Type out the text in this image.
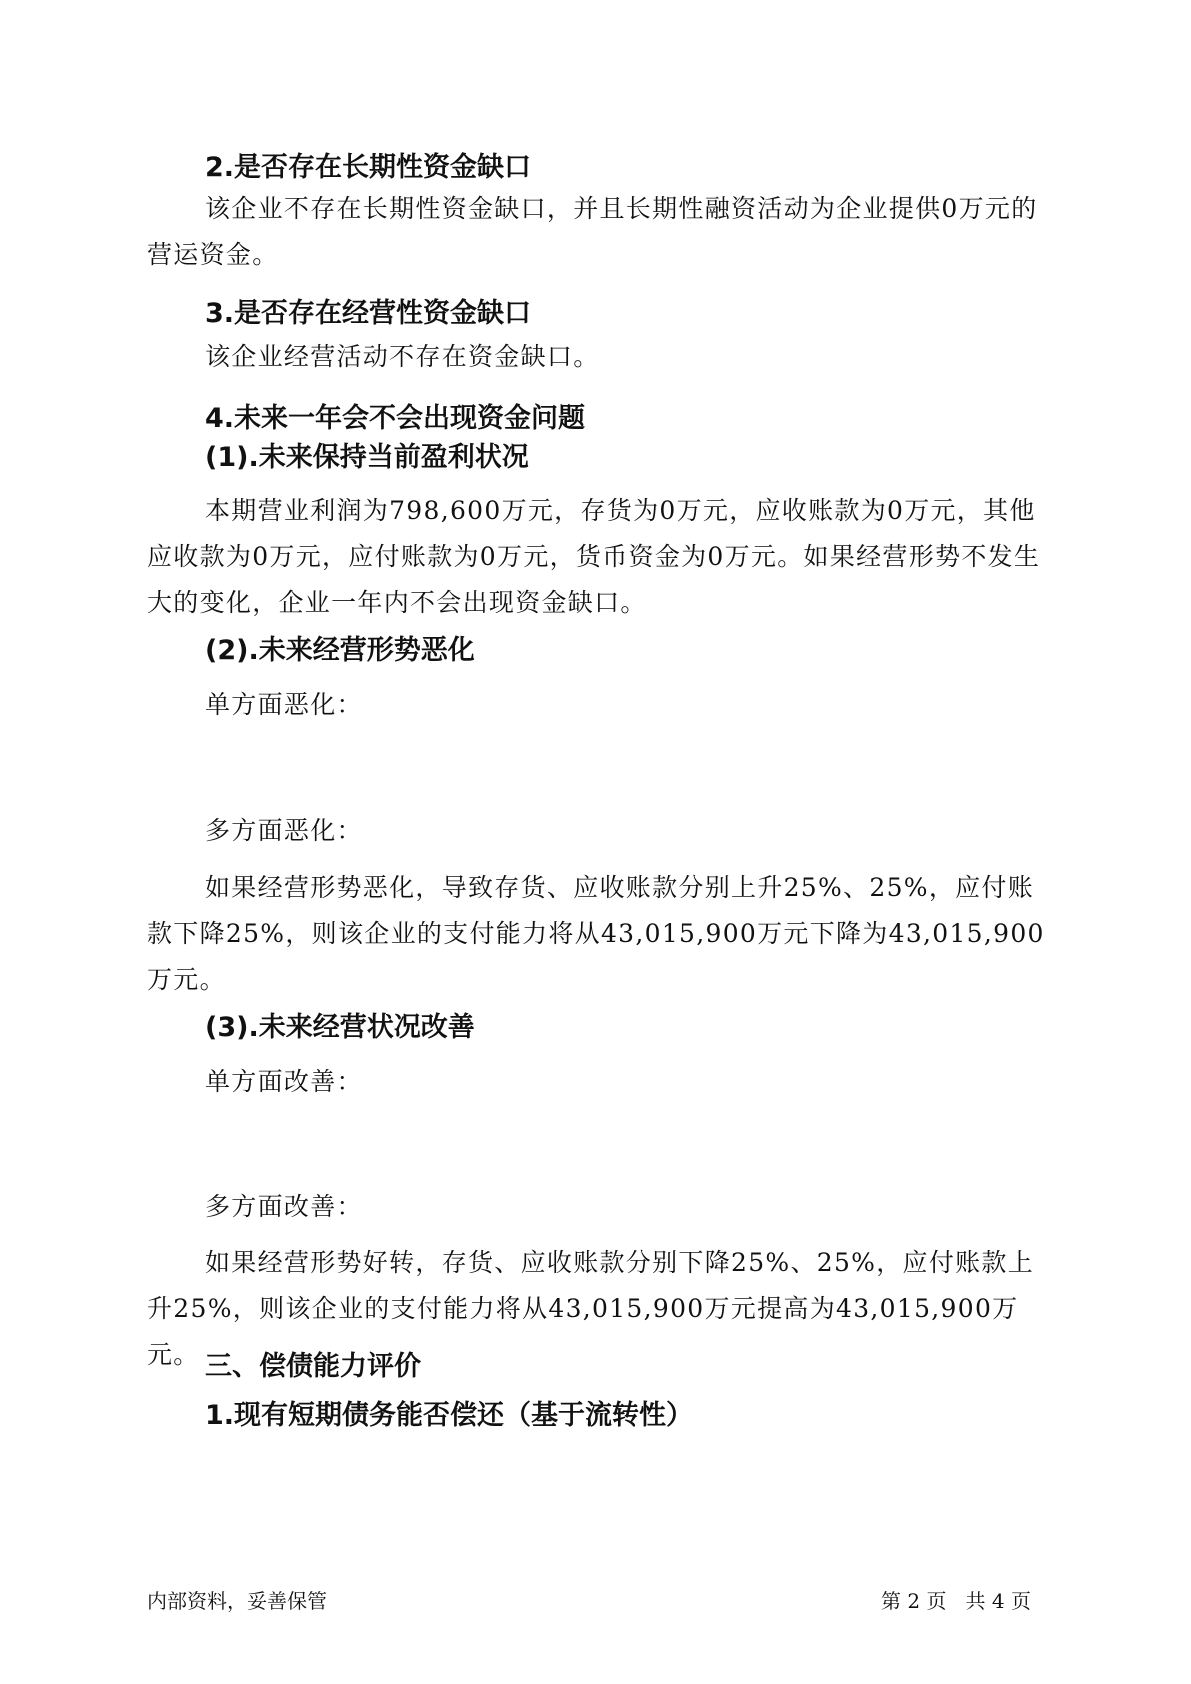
2.是否存在长期性资金缺口

该企业不存在长期性资金缺口，并且长期性融资活动为企业提供0万元的营运资金。

3.是否存在经营性资金缺口

该企业经营活动不存在资金缺口。

4.未来一年会不会出现资金问题
(1).未来保持当前盈利状况

本期营业利润为798,600万元，存货为0万元，应收账款为0万元，其他应收款为0万元，应付账款为0万元，货币资金为0万元。如果经营形势不发生大的变化，企业一年内不会出现资金缺口。

(2).未来经营形势恶化

单方面恶化：

多方面恶化：

如果经营形势恶化，导致存货、应收账款分别上升25%、25%，应付账款下降25%，则该企业的支付能力将从43,015,900万元下降为43,015,900万元。

(3).未来经营状况改善

单方面改善：

多方面改善：

如果经营形势好转，存货、应收账款分别下降25%、25%，应付账款上升25%，则该企业的支付能力将从43,015,900万元提高为43,015,900万元。 三、偿债能力评价
1.现有短期债务能否偿还（基于流转性）
内部资料，妥善保管	第 2 页   共 4 页
